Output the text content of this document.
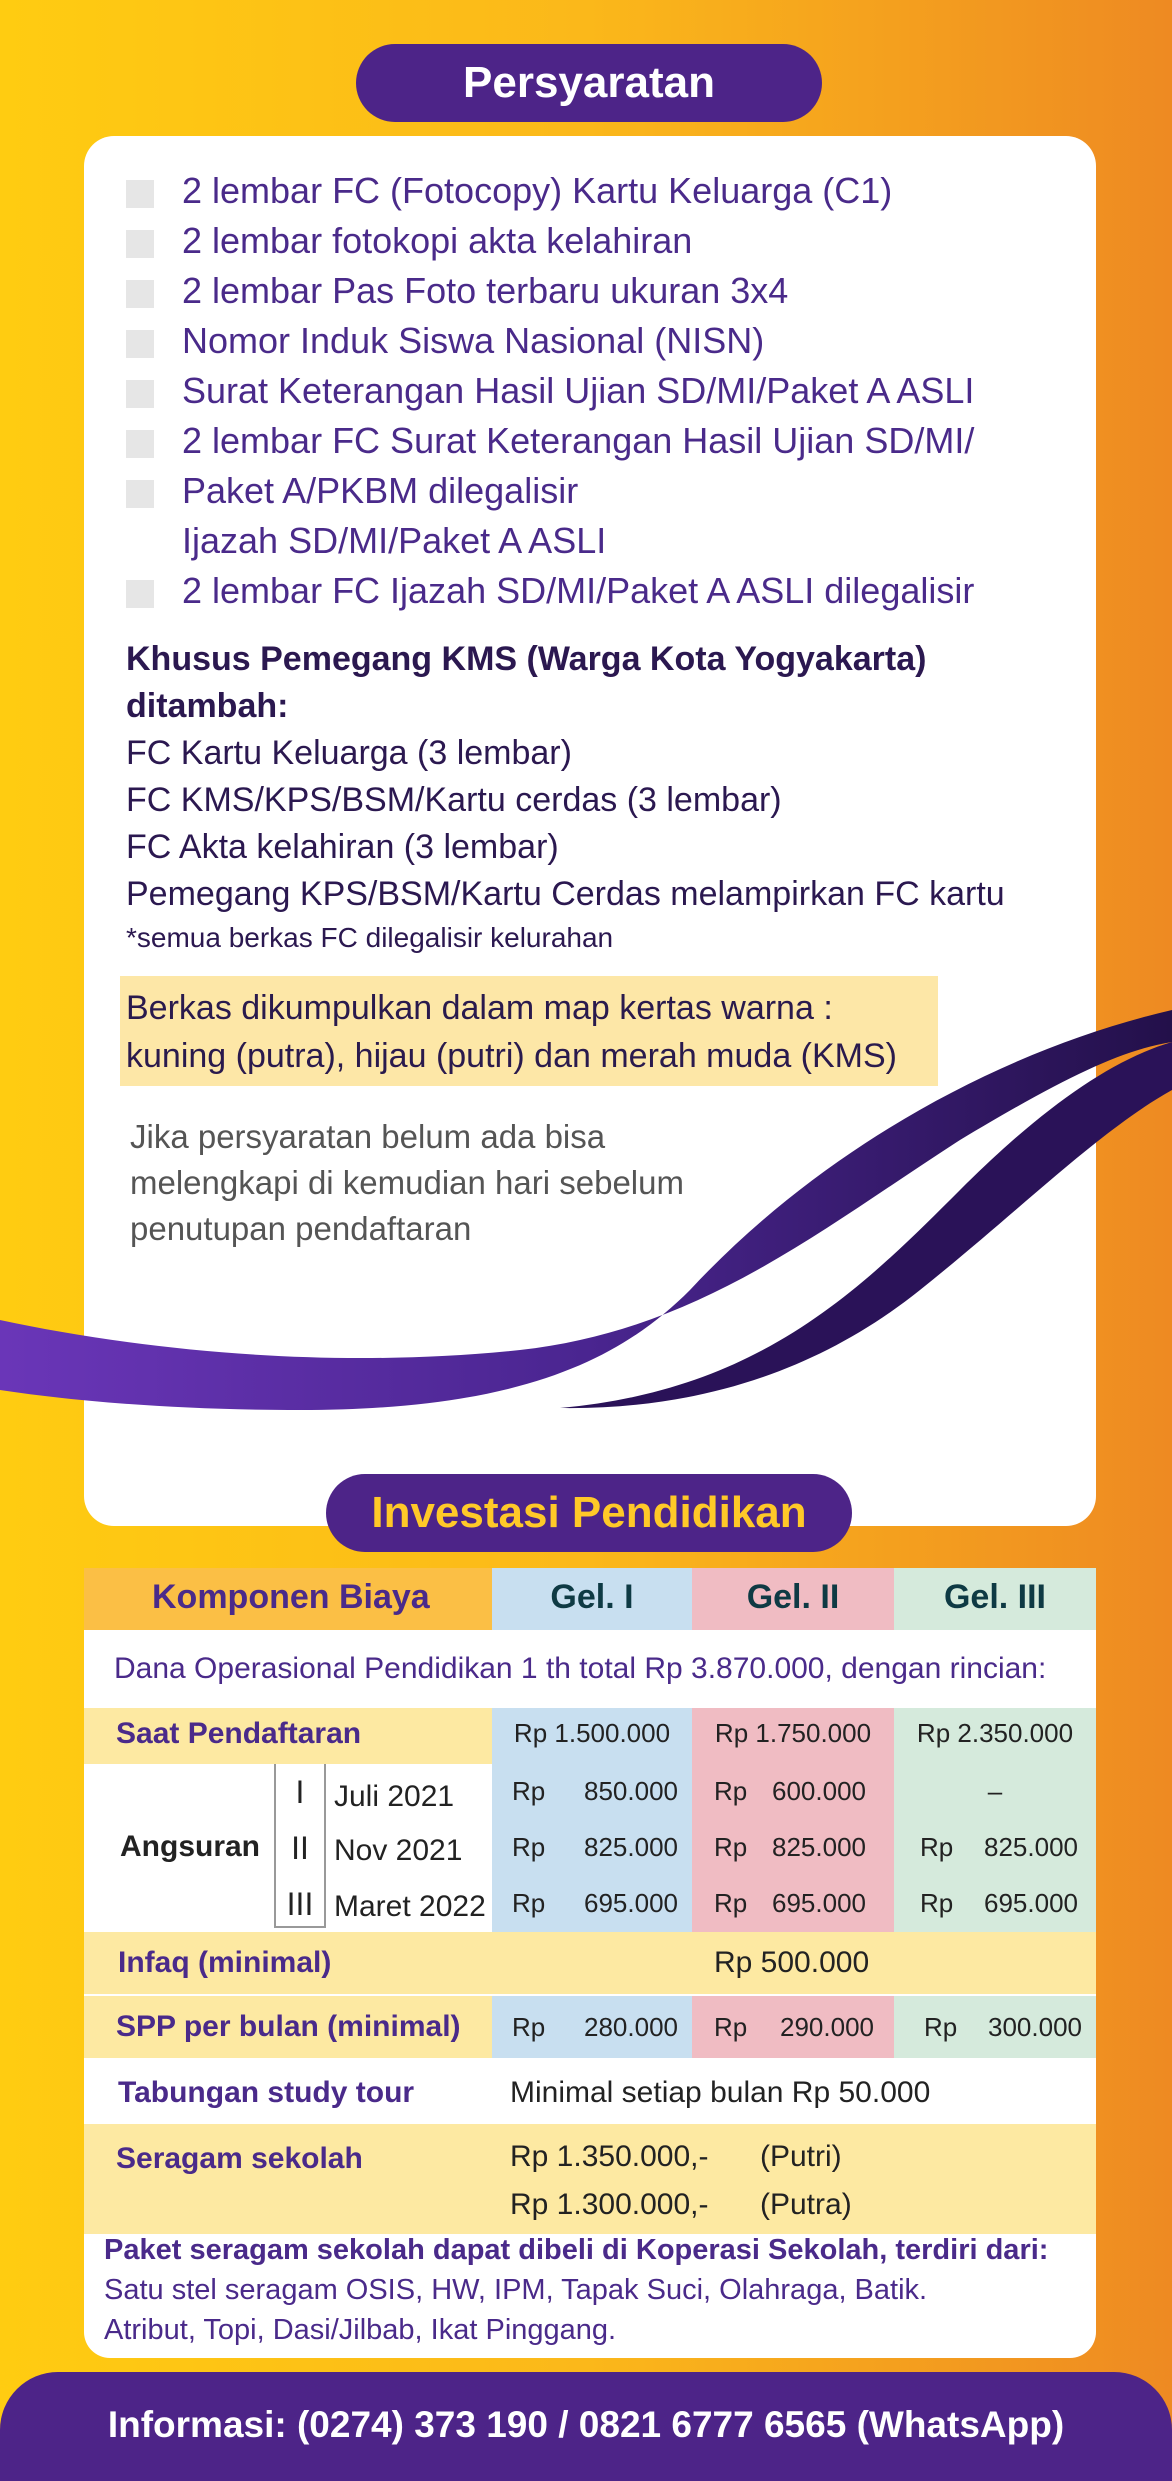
Persyaratan
2 lembar FC (Fotocopy) Kartu Keluarga (C1)
2 lembar fotokopi akta kelahiran
2 lembar Pas Foto terbaru ukuran 3x4
Nomor Induk Siswa Nasional (NISN)
Surat Keterangan Hasil Ujian SD/MI/Paket A ASLI
2 lembar FC Surat Keterangan Hasil Ujian SD/MI/
Paket A/PKBM dilegalisir
Ijazah SD/MI/Paket A ASLI
2 lembar FC Ijazah SD/MI/Paket A ASLI dilegalisir
Khusus Pemegang KMS (Warga Kota Yogyakarta) ditambah:
FC Kartu Keluarga (3 lembar)
FC KMS/KPS/BSM/Kartu cerdas (3 lembar)
FC Akta kelahiran (3 lembar)
Pemegang KPS/BSM/Kartu Cerdas melampirkan FC kartu
*semua berkas FC dilegalisir kelurahan
Berkas dikumpulkan dalam map kertas warna :
kuning (putra), hijau (putri) dan merah muda (KMS)
Jika persyaratan belum ada bisa
melengkapi di kemudian hari sebelum
penutupan pendaftaran
Investasi Pendidikan
Komponen Biaya	Gel. I	Gel. II	Gel. III
Dana Operasional Pendidikan 1 th total Rp 3.870.000, dengan rincian:
Saat Pendaftaran	Rp 1.500.000	Rp 1.750.000	Rp 2.350.000
Angsuran
I Juli 2021 Rp 850.000 Rp 600.000	–
II Nov 2021 Rp 825.000 Rp 825.000 Rp 825.000
III Maret 2022 Rp 695.000 Rp 695.000 Rp 695.000
Infaq (minimal)	Rp 500.000
SPP per bulan (minimal) Rp 280.000 Rp 290.000 Rp 300.000
Tabungan study tour	Minimal setiap bulan Rp 50.000
Seragam sekolah	Rp 1.350.000,- (Putri)
Rp 1.300.000,- (Putra)
Paket seragam sekolah dapat dibeli di Koperasi Sekolah, terdiri dari:
Satu stel seragam OSIS, HW, IPM, Tapak Suci, Olahraga, Batik.
Atribut, Topi, Dasi/Jilbab, Ikat Pinggang.
Informasi: (0274) 373 190 / 0821 6777 6565 (WhatsApp)
